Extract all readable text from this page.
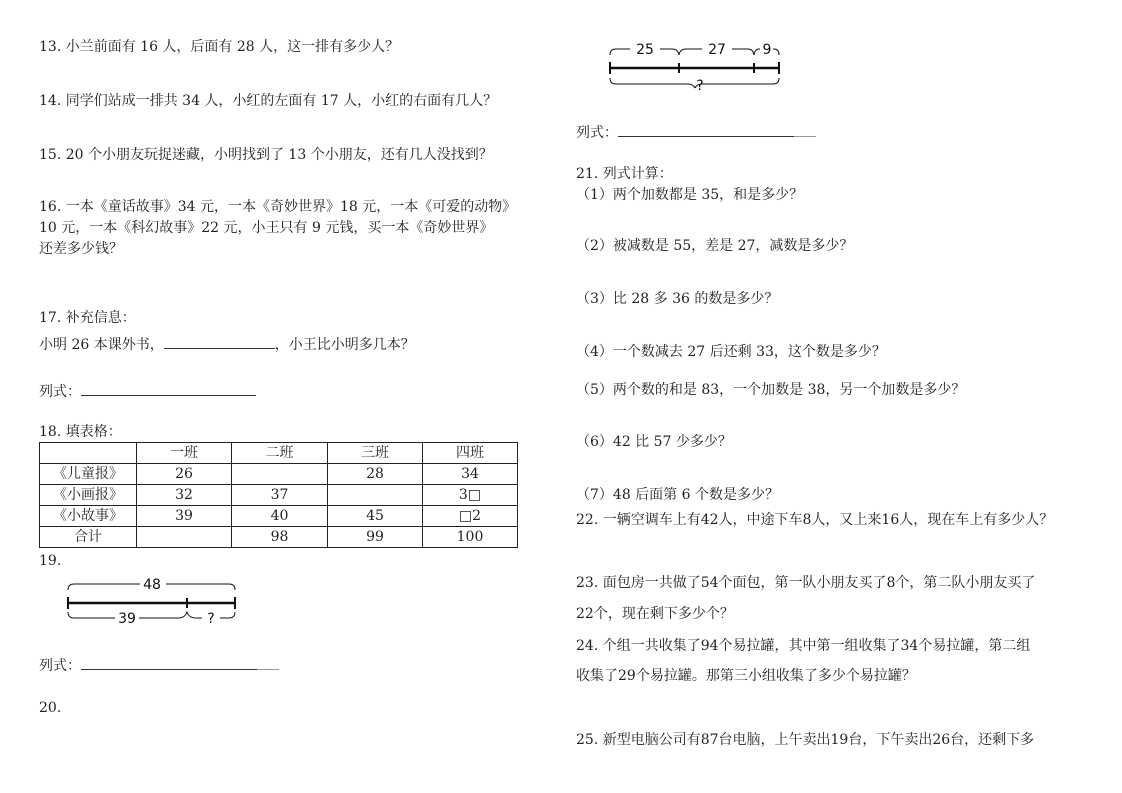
13. 小兰前面有 16 人，后面有 28 人，这一排有多少人？
14. 同学们站成一排共 34 人，小红的左面有 17 人，小红的右面有几人？
15. 20 个小朋友玩捉迷藏，小明找到了 13 个小朋友，还有几人没找到？
16. 一本《童话故事》34 元，一本《奇妙世界》18 元，一本《可爱的动物》
10 元，一本《科幻故事》22 元，小王只有 9 元钱，买一本《奇妙世界》
还差多少钱？
17. 补充信息：
小明 26 本课外书，	，小王比小明多几本？
列式：
18. 填表格：
	一班	二班	三班	四班
《儿童报》	26		28	34
《小画报》	32	37		3□
《小故事》	39	40	45	□2
合计		98	99	100
19.
48
39	?
列式：
20.
25	27	9
?
列式：
21. 列式计算：
（1）两个加数都是 35，和是多少？
（2）被减数是 55，差是 27，减数是多少？
（3）比 28 多 36 的数是多少？
（4）一个数减去 27 后还剩 33，这个数是多少？
（5）两个数的和是 83，一个加数是 38，另一个加数是多少？
（6）42 比 57 少多少？
（7）48 后面第 6 个数是多少？
22. 一辆空调车上有42人，中途下车8人，又上来16人，现在车上有多少人？
23. 面包房一共做了54个面包，第一队小朋友买了8个，第二队小朋友买了
22个，现在剩下多少个？
24. 个组一共收集了94个易拉罐，其中第一组收集了34个易拉罐，第二组
收集了29个易拉罐。那第三小组收集了多少个易拉罐？
25. 新型电脑公司有87台电脑，上午卖出19台，下午卖出26台，还剩下多
